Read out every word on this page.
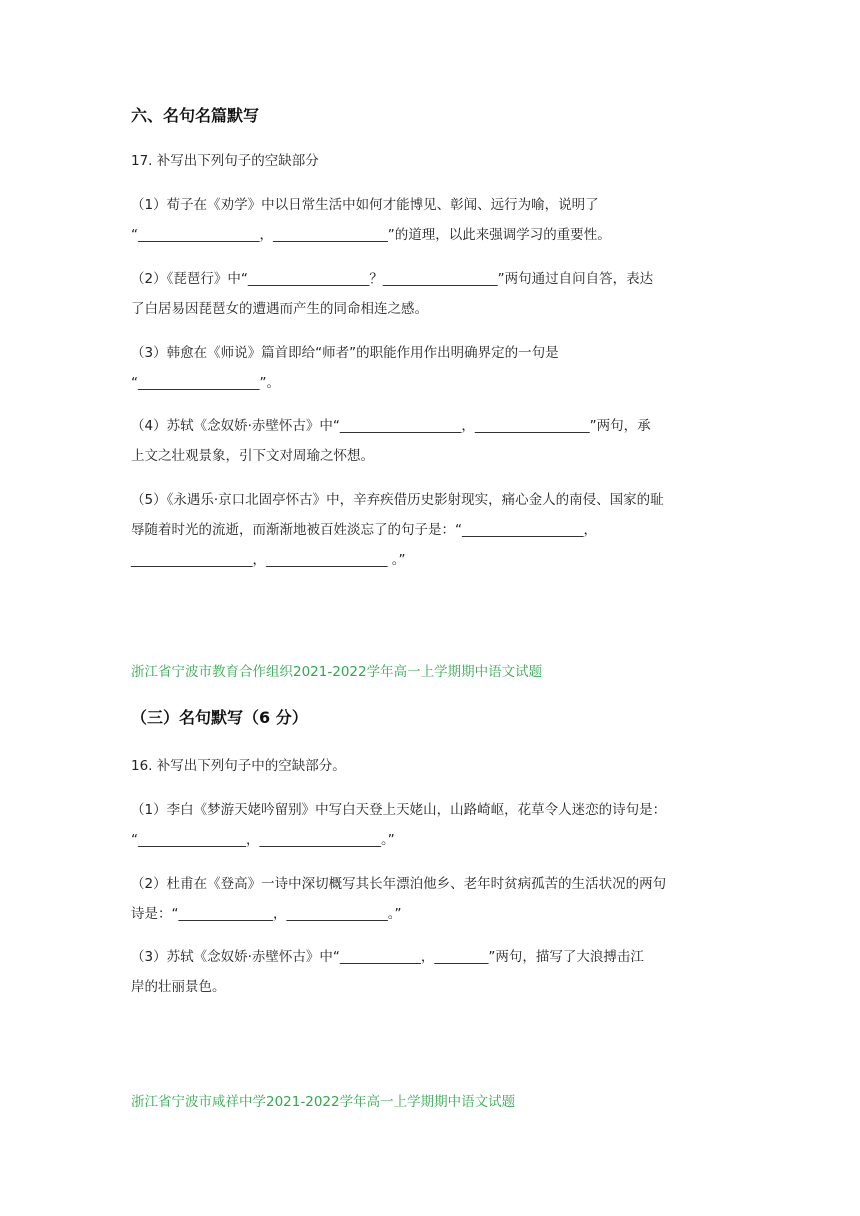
六、名句名篇默写
17. 补写出下列句子的空缺部分
（1）荀子在《劝学》中以日常生活中如何才能博见、彰闻、远行为喻，说明了
“__________________，_________________”的道理，以此来强调学习的重要性。
（2）《琵琶行》中“__________________？_________________”两句通过自问自答，表达
了白居易因琵琶女的遭遇而产生的同命相连之感。
（3）韩愈在《师说》篇首即给“师者”的职能作用作出明确界定的一句是
“__________________”。
（4）苏轼《念奴娇·赤壁怀古》中“__________________，_________________”两句，承
上文之壮观景象，引下文对周瑜之怀想。
（5）《永遇乐·京口北固亭怀古》中，辛弃疾借历史影射现实，痛心金人的南侵、国家的耻
辱随着时光的流逝，而渐渐地被百姓淡忘了的句子是：“__________________，
__________________，__________________ 。”
浙江省宁波市教育合作组织2021-2022学年高一上学期期中语文试题
（三）名句默写（6 分）
16. 补写出下列句子中的空缺部分。
（1）李白《梦游天姥吟留别》中写白天登上天姥山，山路崎岖，花草令人迷恋的诗句是：
“________________，__________________。”
（2）杜甫在《登高》一诗中深切概写其长年漂泊他乡、老年时贫病孤苦的生活状况的两句
诗是：“______________，_______________。”
（3）苏轼《念奴娇·赤壁怀古》中“____________，________”两句，描写了大浪搏击江
岸的壮丽景色。
浙江省宁波市咸祥中学2021-2022学年高一上学期期中语文试题
